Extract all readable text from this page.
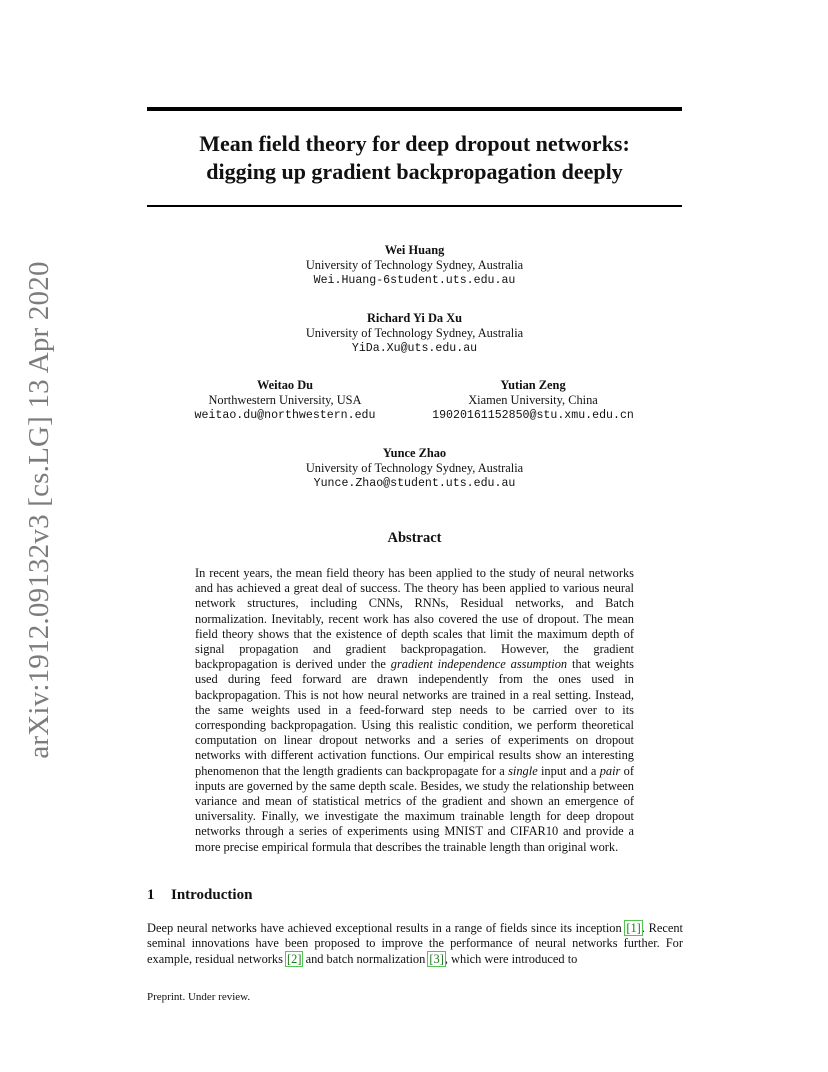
arXiv:1912.09132v3 [cs.LG] 13 Apr 2020
Mean field theory for deep dropout networks:
digging up gradient backpropagation deeply
Wei Huang
University of Technology Sydney, Australia
Wei.Huang-6student.uts.edu.au
Richard Yi Da Xu
University of Technology Sydney, Australia
YiDa.Xu@uts.edu.au
Weitao Du
Northwestern University, USA
weitao.du@northwestern.edu
Yutian Zeng
Xiamen University, China
19020161152850@stu.xmu.edu.cn
Yunce Zhao
University of Technology Sydney, Australia
Yunce.Zhao@student.uts.edu.au
Abstract
In recent years, the mean field theory has been applied to the study of neural networks and has achieved a great deal of success. The theory has been applied to various neural network structures, including CNNs, RNNs, Residual networks, and Batch normalization. Inevitably, recent work has also covered the use of dropout. The mean field theory shows that the existence of depth scales that limit the maximum depth of signal propagation and gradient backpropagation. However, the gradient backpropagation is derived under the gradient independence assumption that weights used during feed forward are drawn independently from the ones used in backpropagation. This is not how neural networks are trained in a real setting. Instead, the same weights used in a feed-forward step needs to be carried over to its corresponding backpropagation. Using this realistic condition, we perform theoretical computation on linear dropout networks and a series of experiments on dropout networks with different activation functions. Our empirical results show an interesting phenomenon that the length gradients can backpropagate for a single input and a pair of inputs are governed by the same depth scale. Besides, we study the relationship between variance and mean of statistical metrics of the gradient and shown an emergence of universality. Finally, we investigate the maximum trainable length for deep dropout networks through a series of experiments using MNIST and CIFAR10 and provide a more precise empirical formula that describes the trainable length than original work.
1 Introduction
Deep neural networks have achieved exceptional results in a range of fields since its inception [1]. Recent seminal innovations have been proposed to improve the performance of neural networks further. For example, residual networks [2] and batch normalization [3], which were introduced to
Preprint. Under review.
